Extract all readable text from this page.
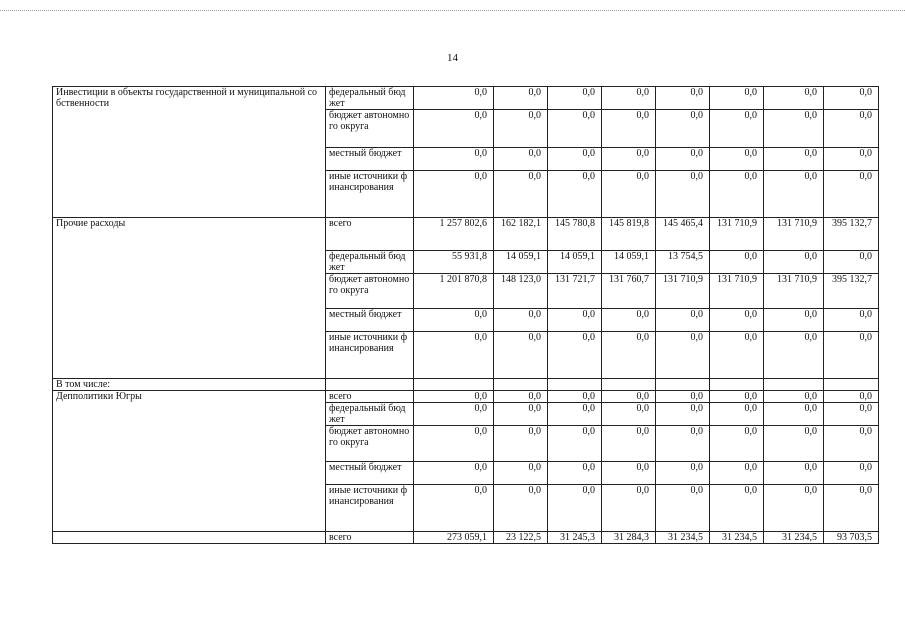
14
Инвестиции в объекты государственной и муниципальной собственности	федеральный бюджет	0,0	0,0	0,0	0,0	0,0	0,0	0,0	0,0
	бюджет автономного округа	0,0	0,0	0,0	0,0	0,0	0,0	0,0	0,0
	местный бюджет	0,0	0,0	0,0	0,0	0,0	0,0	0,0	0,0
	иные источники финансирования	0,0	0,0	0,0	0,0	0,0	0,0	0,0	0,0
Прочие расходы	всего	1 257 802,6	162 182,1	145 780,8	145 819,8	145 465,4	131 710,9	131 710,9	395 132,7
	федеральный бюджет	55 931,8	14 059,1	14 059,1	14 059,1	13 754,5	0,0	0,0	0,0
	бюджет автономного округа	1 201 870,8	148 123,0	131 721,7	131 760,7	131 710,9	131 710,9	131 710,9	395 132,7
	местный бюджет	0,0	0,0	0,0	0,0	0,0	0,0	0,0	0,0
	иные источники финансирования	0,0	0,0	0,0	0,0	0,0	0,0	0,0	0,0
В том числе:									
Депполитики Югры	всего	0,0	0,0	0,0	0,0	0,0	0,0	0,0	0,0
	федеральный бюджет	0,0	0,0	0,0	0,0	0,0	0,0	0,0	0,0
	бюджет автономного округа	0,0	0,0	0,0	0,0	0,0	0,0	0,0	0,0
	местный бюджет	0,0	0,0	0,0	0,0	0,0	0,0	0,0	0,0
	иные источники финансирования	0,0	0,0	0,0	0,0	0,0	0,0	0,0	0,0
	всего	273 059,1	23 122,5	31 245,3	31 284,3	31 234,5	31 234,5	31 234,5	93 703,5
